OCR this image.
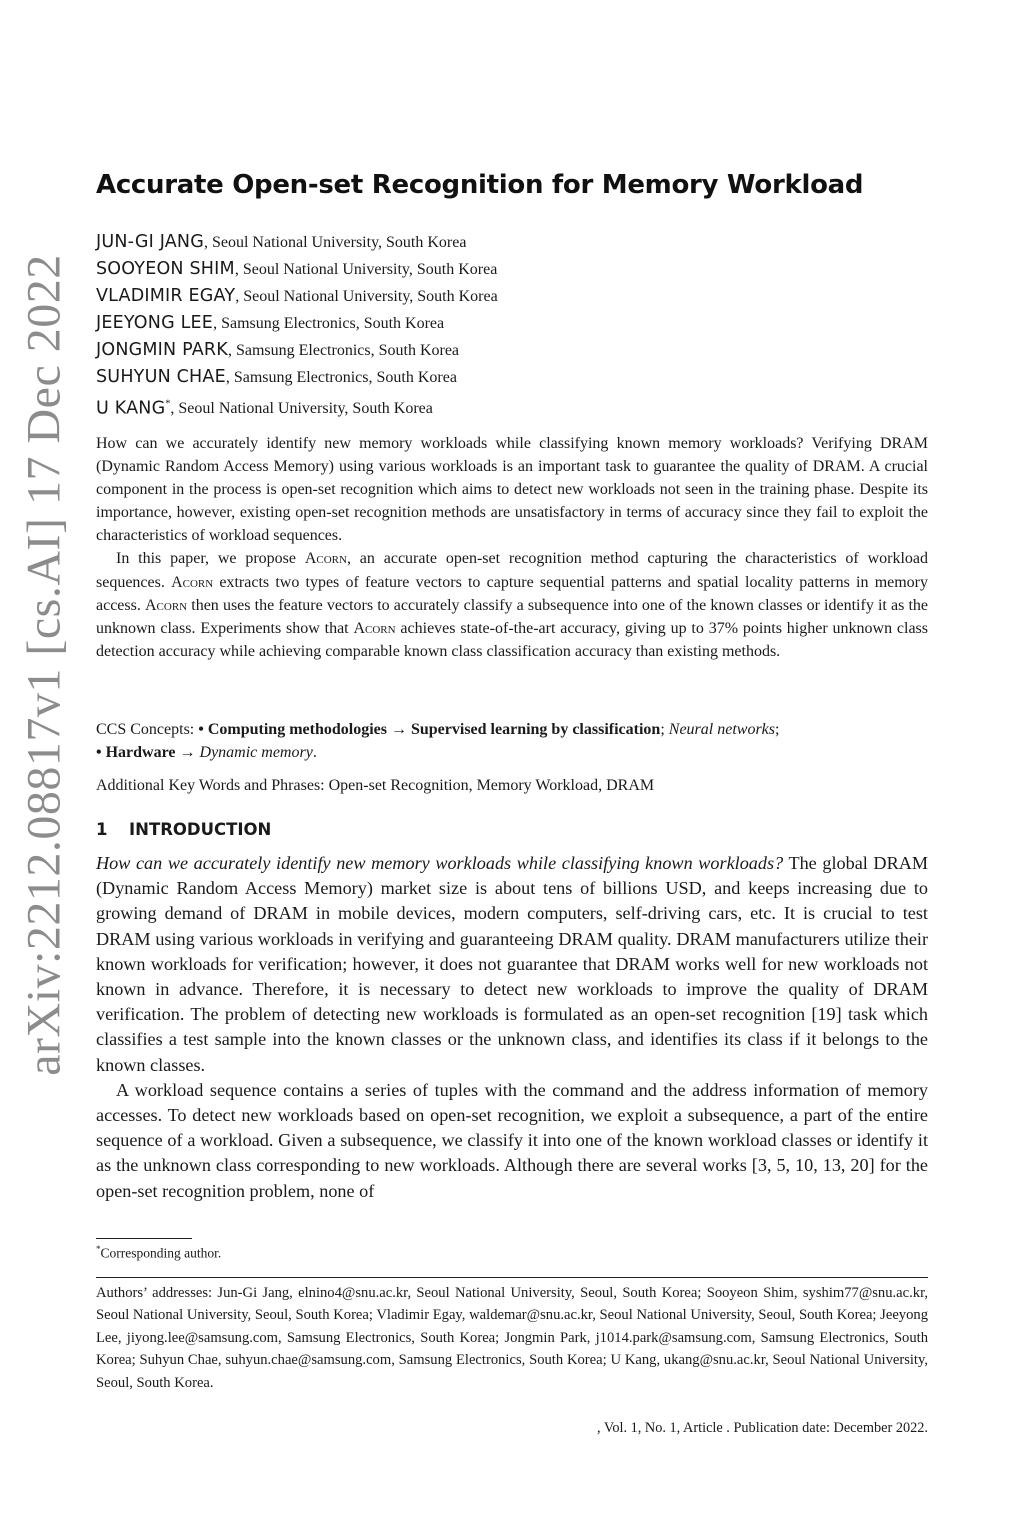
arXiv:2212.08817v1 [cs.AI] 17 Dec 2022
Accurate Open-set Recognition for Memory Workload
JUN-GI JANG, Seoul National University, South Korea
SOOYEON SHIM, Seoul National University, South Korea
VLADIMIR EGAY, Seoul National University, South Korea
JEEYONG LEE, Samsung Electronics, South Korea
JONGMIN PARK, Samsung Electronics, South Korea
SUHYUN CHAE, Samsung Electronics, South Korea
U KANG*, Seoul National University, South Korea

How can we accurately identify new memory workloads while classifying known memory workloads? Verifying DRAM (Dynamic Random Access Memory) using various workloads is an important task to guarantee the quality of DRAM. A crucial component in the process is open-set recognition which aims to detect new workloads not seen in the training phase. Despite its importance, however, existing open-set recognition methods are unsatisfactory in terms of accuracy since they fail to exploit the characteristics of workload sequences.

In this paper, we propose Acorn, an accurate open-set recognition method capturing the characteristics of workload sequences. Acorn extracts two types of feature vectors to capture sequential patterns and spatial locality patterns in memory access. Acorn then uses the feature vectors to accurately classify a subsequence into one of the known classes or identify it as the unknown class. Experiments show that Acorn achieves state-of-the-art accuracy, giving up to 37% points higher unknown class detection accuracy while achieving comparable known class classification accuracy than existing methods.

CCS Concepts: • Computing methodologies → Supervised learning by classification; Neural networks;

• Hardware → Dynamic memory.

Additional Key Words and Phrases: Open-set Recognition, Memory Workload, DRAM

1 INTRODUCTION

How can we accurately identify new memory workloads while classifying known workloads? The global DRAM (Dynamic Random Access Memory) market size is about tens of billions USD, and keeps increasing due to growing demand of DRAM in mobile devices, modern computers, self-driving cars, etc. It is crucial to test DRAM using various workloads in verifying and guaranteeing DRAM quality. DRAM manufacturers utilize their known workloads for verification; however, it does not guarantee that DRAM works well for new workloads not known in advance. Therefore, it is necessary to detect new workloads to improve the quality of DRAM verification. The problem of detecting new workloads is formulated as an open-set recognition [19] task which classifies a test sample into the known classes or the unknown class, and identifies its class if it belongs to the known classes.

A workload sequence contains a series of tuples with the command and the address information of memory accesses. To detect new workloads based on open-set recognition, we exploit a subsequence, a part of the entire sequence of a workload. Given a subsequence, we classify it into one of the known workload classes or identify it as the unknown class corresponding to new workloads. Although there are several works [3, 5, 10, 13, 20] for the open-set recognition problem, none of

*Corresponding author.

Authors’ addresses: Jun-Gi Jang, elnino4@snu.ac.kr, Seoul National University, Seoul, South Korea; Sooyeon Shim, syshim77@snu.ac.kr, Seoul National University, Seoul, South Korea; Vladimir Egay, waldemar@snu.ac.kr, Seoul National University, Seoul, South Korea; Jeeyong Lee, jiyong.lee@samsung.com, Samsung Electronics, South Korea; Jongmin Park, j1014.park@samsung.com, Samsung Electronics, South Korea; Suhyun Chae, suhyun.chae@samsung.com, Samsung Electronics, South Korea; U Kang, ukang@snu.ac.kr, Seoul National University, Seoul, South Korea.

, Vol. 1, No. 1, Article . Publication date: December 2022.
